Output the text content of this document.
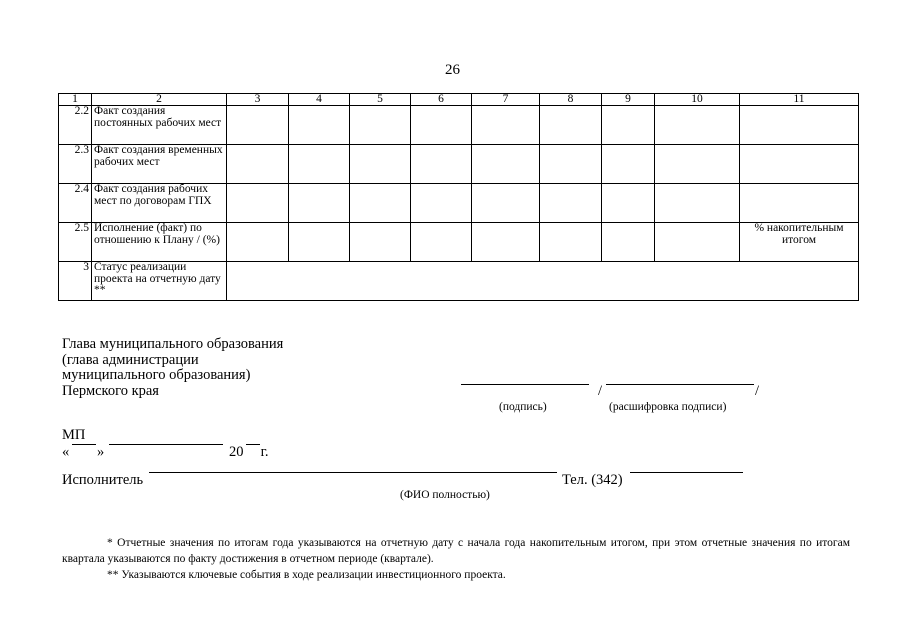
26
1	2	3	4	5	6	7	8	9	10	11
2.2	Факт создания постоянных рабочих мест									
2.3	Факт создания временных рабочих мест									
2.4	Факт создания рабочих мест по договорам ГПХ									
2.5	Исполнение (факт) по отношению к Плану / (%)									% накопительным итогом
3	Статус реализации проекта на отчетную дату **									
Глава муниципального образования
(глава администрации
муниципального образования)
Пермского края	/	/
(подпись)	(расшифровка подписи)
МП
« »	20 г.
Исполнитель	Тел. (342)
(ФИО полностью)
* Отчетные значения по итогам года указываются на отчетную дату с начала года накопительным итогом, при этом отчетные значения по итогам квартала указываются по факту достижения в отчетном периоде (квартале).
** Указываются ключевые события в ходе реализации инвестиционного проекта.
